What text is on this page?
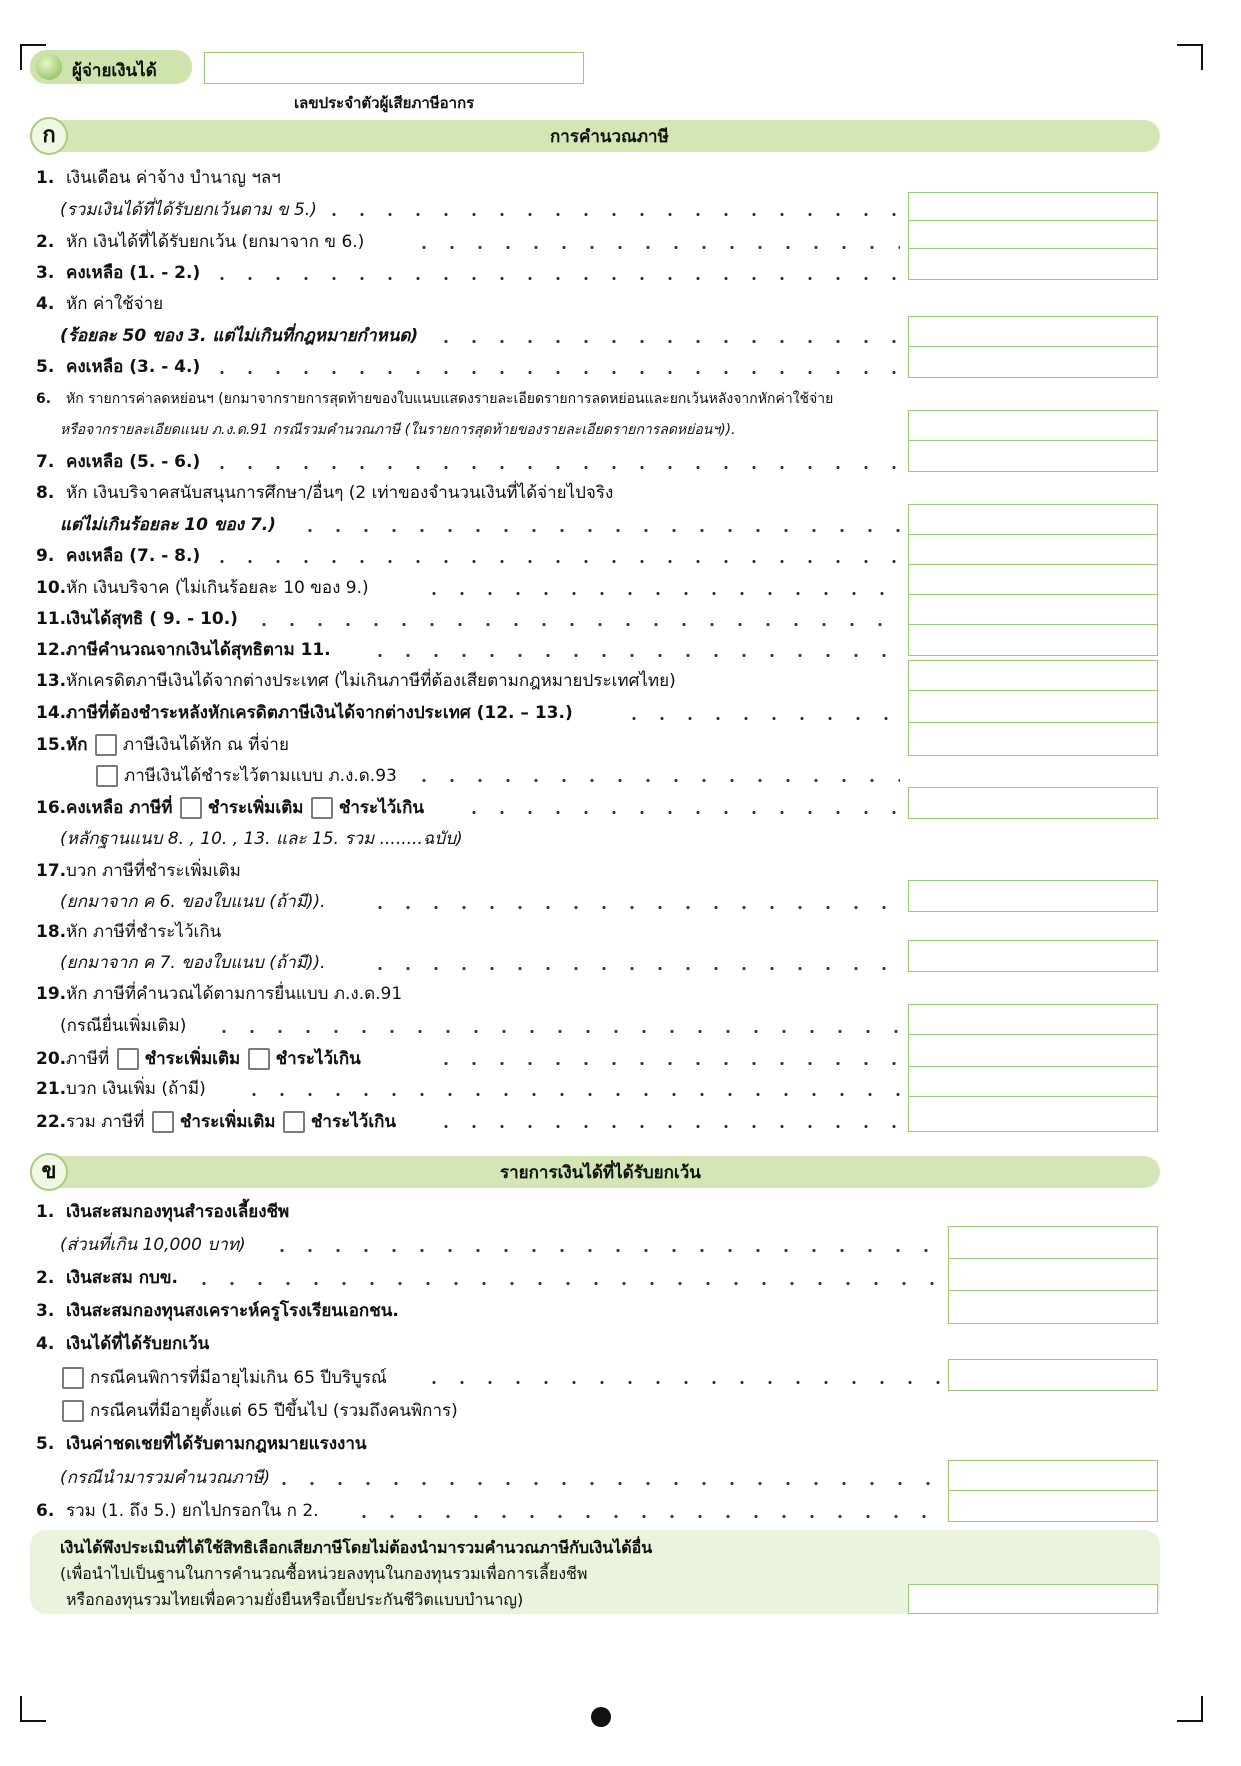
ผู้จ่ายเงินได้
เลขประจำตัวผู้เสียภาษีอากร
ก	การคำนวณภาษี
1. เงินเดือน ค่าจ้าง บำนาญ ฯลฯ
(รวมเงินได้ที่ได้รับยกเว้นตาม ข 5.)
2. หัก เงินได้ที่ได้รับยกเว้น (ยกมาจาก ข 6.)
3. คงเหลือ (1. - 2.)
4. หัก ค่าใช้จ่าย
(ร้อยละ 50 ของ 3. แต่ไม่เกินที่กฎหมายกำหนด)
5. คงเหลือ (3. - 4.)
6. หัก รายการค่าลดหย่อนฯ (ยกมาจากรายการสุดท้ายของใบแนบแสดงรายละเอียดรายการลดหย่อนและยกเว้นหลังจากหักค่าใช้จ่าย
หรือจากรายละเอียดแนบ ภ.ง.ด.91 กรณีรวมคำนวณภาษี (ในรายการสุดท้ายของรายละเอียดรายการลดหย่อนฯ)).
7. คงเหลือ (5. - 6.)
8. หัก เงินบริจาคสนับสนุนการศึกษา/อื่นๆ (2 เท่าของจำนวนเงินที่ได้จ่ายไปจริง
แต่ไม่เกินร้อยละ 10 ของ 7.)
9. คงเหลือ (7. - 8.)
10.หัก เงินบริจาค (ไม่เกินร้อยละ 10 ของ 9.)
11.เงินได้สุทธิ ( 9. - 10.)
12.ภาษีคำนวณจากเงินได้สุทธิตาม 11.
13.หักเครดิตภาษีเงินได้จากต่างประเทศ (ไม่เกินภาษีที่ต้องเสียตามกฎหมายประเทศไทย)
14.ภาษีที่ต้องชำระหลังหักเครดิตภาษีเงินได้จากต่างประเทศ (12. – 13.)
15.หัก ภาษีเงินได้หัก ณ ที่จ่าย
ภาษีเงินได้ชำระไว้ตามแบบ ภ.ง.ด.93
16.คงเหลือ ภาษีที่ ชำระเพิ่มเติม ชำระไว้เกิน
(หลักฐานแนบ 8. , 10. , 13. และ 15. รวม ........ฉบับ)
17.บวก ภาษีที่ชำระเพิ่มเติม
(ยกมาจาก ค 6. ของใบแนบ (ถ้ามี)).
18.หัก ภาษีที่ชำระไว้เกิน
(ยกมาจาก ค 7. ของใบแนบ (ถ้ามี)).
19.หัก ภาษีที่คำนวณได้ตามการยื่นแบบ ภ.ง.ด.91
(กรณียื่นเพิ่มเติม)
20.ภาษีที่ ชำระเพิ่มเติม ชำระไว้เกิน
21.บวก เงินเพิ่ม (ถ้ามี)
22.รวม ภาษีที่ ชำระเพิ่มเติม ชำระไว้เกิน
ข	รายการเงินได้ที่ได้รับยกเว้น
1. เงินสะสมกองทุนสำรองเลี้ยงชีพ
(ส่วนที่เกิน 10,000 บาท)
2. เงินสะสม กบข.
3. เงินสะสมกองทุนสงเคราะห์ครูโรงเรียนเอกชน.
4. เงินได้ที่ได้รับยกเว้น
กรณีคนพิการที่มีอายุไม่เกิน 65 ปีบริบูรณ์
กรณีคนที่มีอายุตั้งแต่ 65 ปีขึ้นไป (รวมถึงคนพิการ)
5. เงินค่าชดเชยที่ได้รับตามกฎหมายแรงงาน
(กรณีนำมารวมคำนวณภาษี)
6. รวม (1. ถึง 5.) ยกไปกรอกใน ก 2.
เงินได้พึงประเมินที่ได้ใช้สิทธิเลือกเสียภาษีโดยไม่ต้องนำมารวมคำนวณภาษีกับเงินได้อื่น
(เพื่อนำไปเป็นฐานในการคำนวณซื้อหน่วยลงทุนในกองทุนรวมเพื่อการเลี้ยงชีพ
หรือกองทุนรวมไทยเพื่อความยั่งยืนหรือเบี้ยประกันชีวิตแบบบำนาญ)
